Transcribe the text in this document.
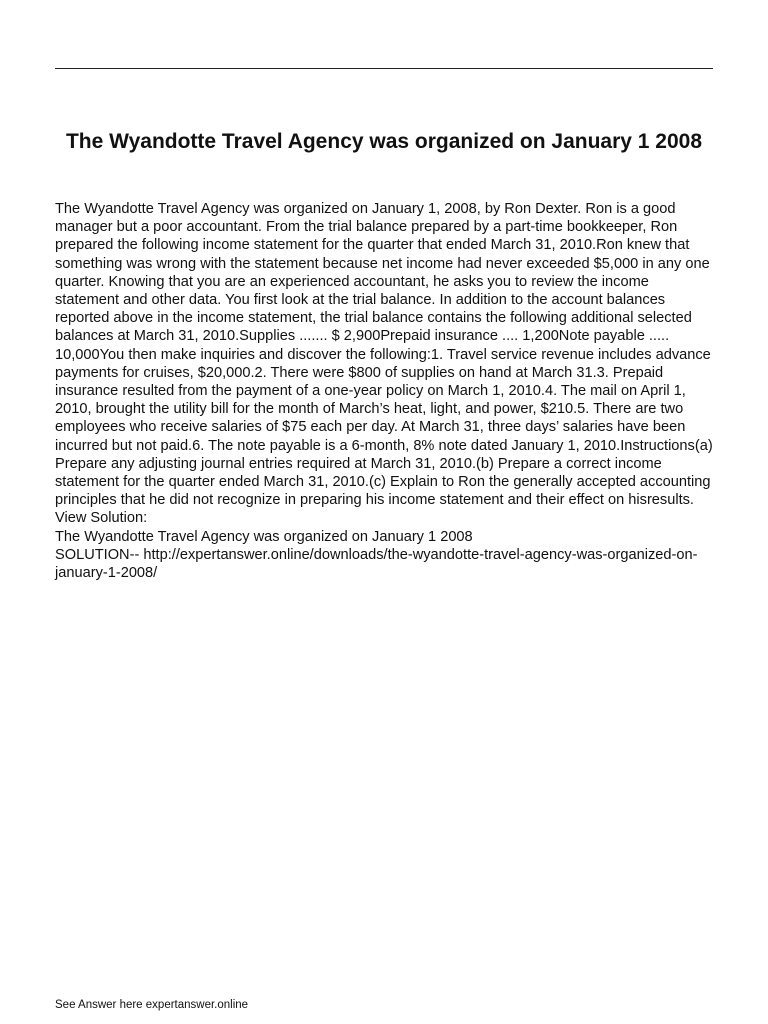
The Wyandotte Travel Agency was organized on January 1 2008

The Wyandotte Travel Agency was organized on January 1, 2008, by Ron Dexter. Ron is a good manager but a poor accountant. From the trial balance prepared by a part-time bookkeeper, Ron prepared the following income statement for the quarter that ended March 31, 2010.Ron knew that something was wrong with the statement because net income had never exceeded $5,000 in any one quarter. Knowing that you are an experienced accountant, he asks you to review the income statement and other data. You first look at the trial balance. In addition to the account balances reported above in the income statement, the trial balance contains the following additional selected balances at March 31, 2010.Supplies ....... $ 2,900Prepaid insurance .... 1,200Note payable ..... 10,000You then make inquiries and discover the following:1. Travel service revenue includes advance payments for cruises, $20,000.2. There were $800 of supplies on hand at March 31.3. Prepaid insurance resulted from the payment of a one-year policy on March 1, 2010.4. The mail on April 1, 2010, brought the utility bill for the month of March’s heat, light, and power, $210.5. There are two employees who receive salaries of $75 each per day. At March 31, three days’ salaries have been incurred but not paid.6. The note payable is a 6-month, 8% note dated January 1, 2010.Instructions(a) Prepare any adjusting journal entries required at March 31, 2010.(b) Prepare a correct income statement for the quarter ended March 31, 2010.(c) Explain to Ron the generally accepted accounting principles that he did not recognize in preparing his income statement and their effect on hisresults.

View Solution:

The Wyandotte Travel Agency was organized on January 1 2008

SOLUTION-- http://expertanswer.online/downloads/the-wyandotte-travel-agency-was-organized-on-january-1-2008/

See Answer here expertanswer.online
